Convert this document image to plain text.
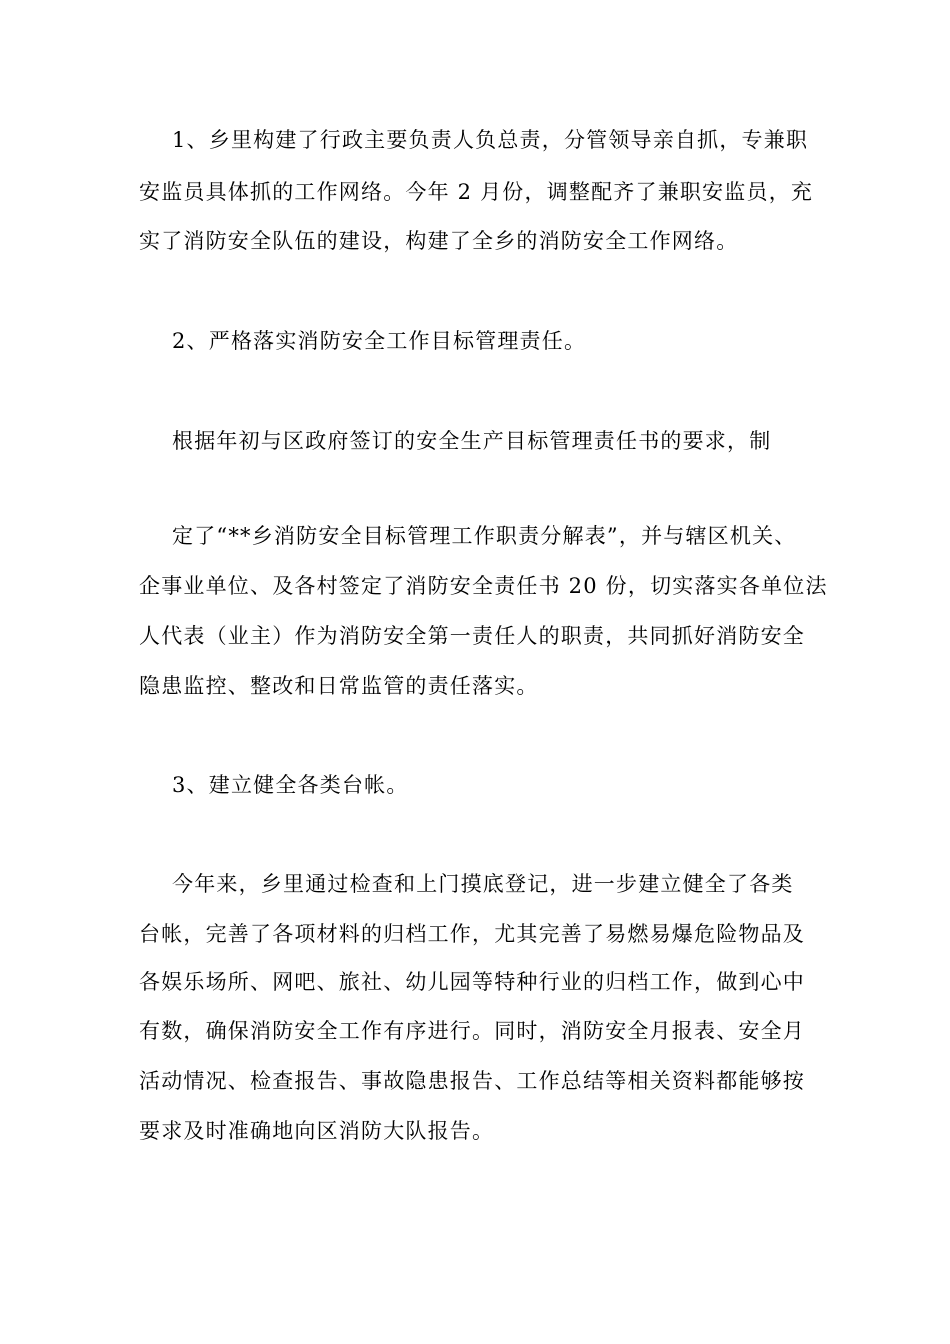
1、乡里构建了行政主要负责人负总责，分管领导亲自抓，专兼职

安监员具体抓的工作网络。今年 2 月份，调整配齐了兼职安监员，充

实了消防安全队伍的建设，构建了全乡的消防安全工作网络。

2、严格落实消防安全工作目标管理责任。

根据年初与区政府签订的安全生产目标管理责任书的要求，制

定了“**乡消防安全目标管理工作职责分解表”，并与辖区机关、

企事业单位、及各村签定了消防安全责任书 20 份，切实落实各单位法

人代表（业主）作为消防安全第一责任人的职责，共同抓好消防安全

隐患监控、整改和日常监管的责任落实。

3、建立健全各类台帐。

今年来，乡里通过检查和上门摸底登记，进一步建立健全了各类

台帐，完善了各项材料的归档工作，尤其完善了易燃易爆危险物品及

各娱乐场所、网吧、旅社、幼儿园等特种行业的归档工作，做到心中

有数，确保消防安全工作有序进行。同时，消防安全月报表、安全月

活动情况、检查报告、事故隐患报告、工作总结等相关资料都能够按

要求及时准确地向区消防大队报告。
